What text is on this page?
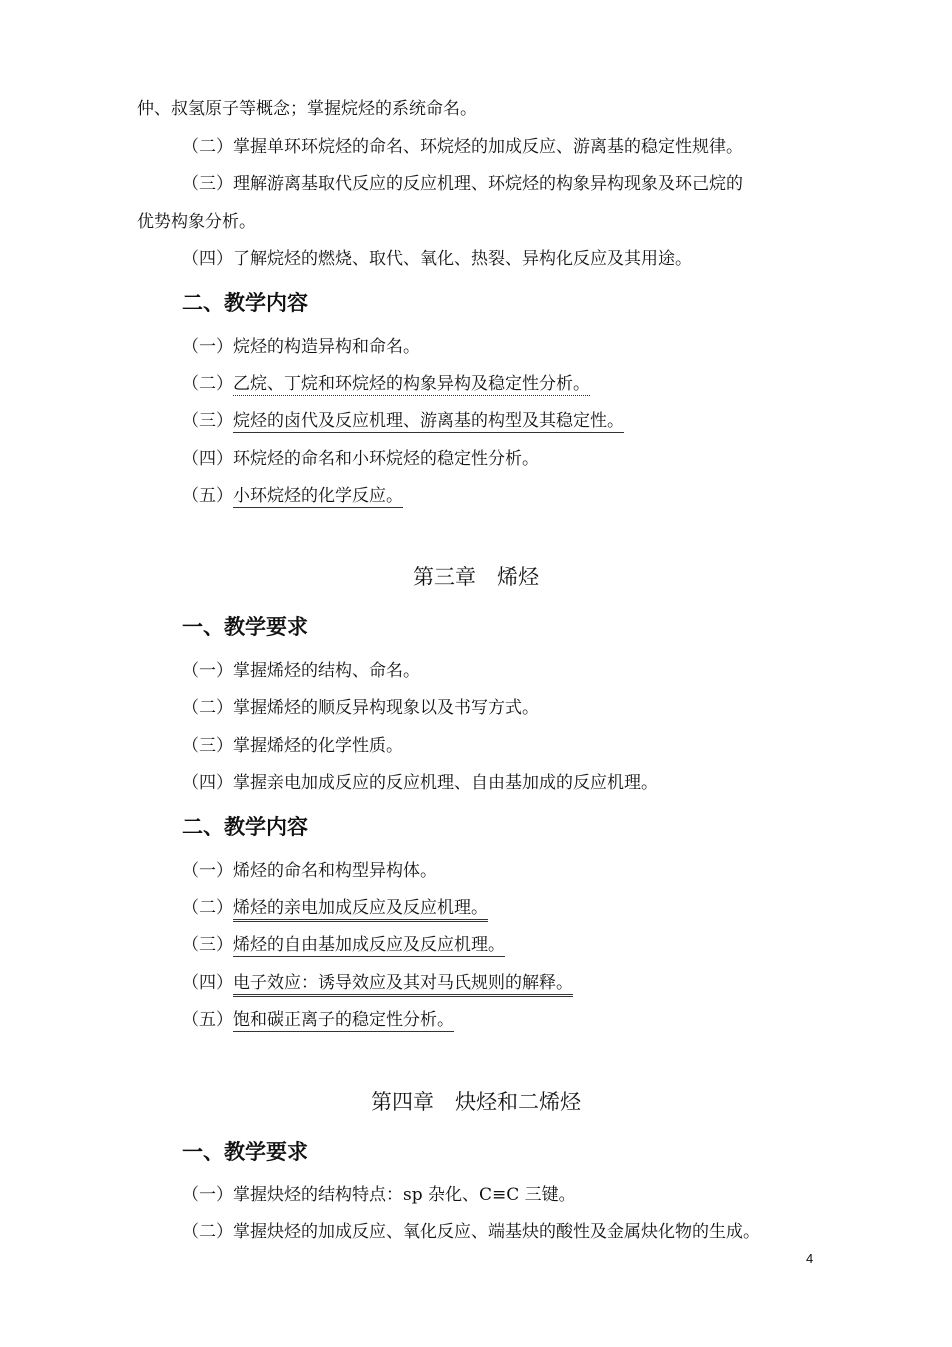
仲、叔氢原子等概念；掌握烷烃的系统命名。
（二）掌握单环环烷烃的命名、环烷烃的加成反应、游离基的稳定性规律。
（三）理解游离基取代反应的反应机理、环烷烃的构象异构现象及环己烷的
优势构象分析。
（四）了解烷烃的燃烧、取代、氧化、热裂、异构化反应及其用途。
二、教学内容
（一）烷烃的构造异构和命名。
（二）乙烷、丁烷和环烷烃的构象异构及稳定性分析。
（三）烷烃的卤代及反应机理、游离基的构型及其稳定性。
（四）环烷烃的命名和小环烷烃的稳定性分析。
（五）小环烷烃的化学反应。
第三章　烯烃
一、教学要求
（一）掌握烯烃的结构、命名。
（二）掌握烯烃的顺反异构现象以及书写方式。
（三）掌握烯烃的化学性质。
（四）掌握亲电加成反应的反应机理、自由基加成的反应机理。
二、教学内容
（一）烯烃的命名和构型异构体。
（二）烯烃的亲电加成反应及反应机理。
（三）烯烃的自由基加成反应及反应机理。
（四）电子效应：诱导效应及其对马氏规则的解释。
（五）饱和碳正离子的稳定性分析。
第四章　炔烃和二烯烃
一、教学要求
（一）掌握炔烃的结构特点：sp 杂化、C≡C 三键。
（二）掌握炔烃的加成反应、氧化反应、端基炔的酸性及金属炔化物的生成。
4
